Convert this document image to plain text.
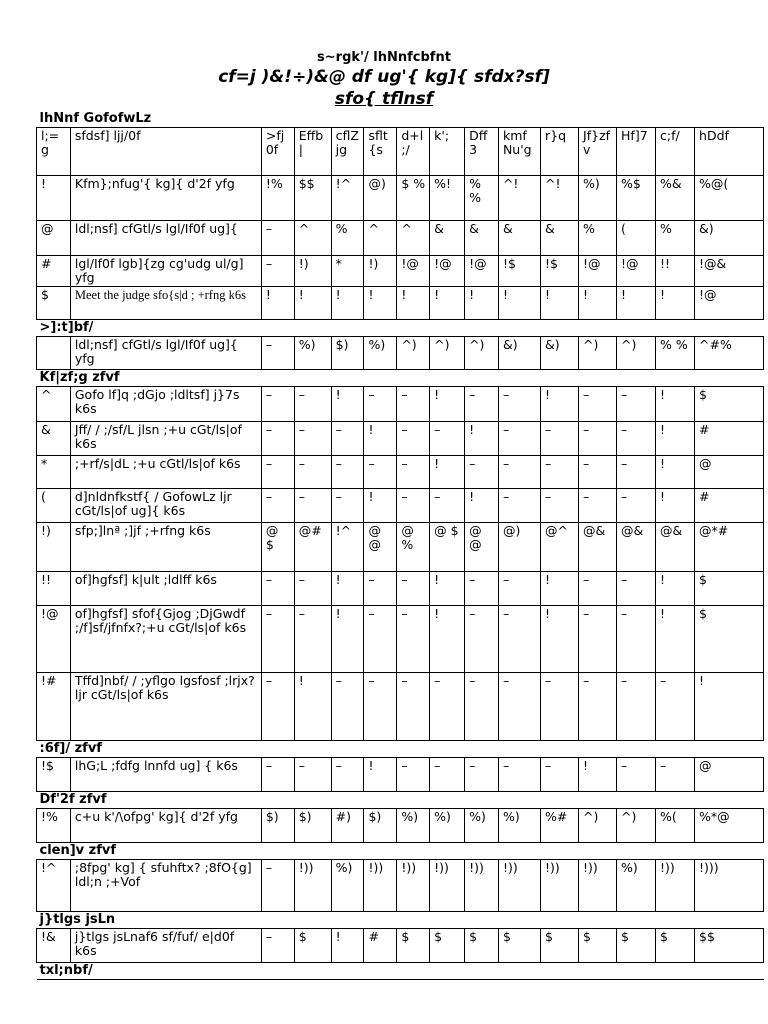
s~rgk'/ lhNnfcbfnt
cf=j )&!÷)&@ df ug'{ kg]{ sfdx?sf]
sfo{ tflnsf
lhNnf GofofwLz														
l;=g	sfdsf] ljj/0f	>fj0f	Effb|	cflZjg	sflt{s	d+l;/	k';	Dff3	kmfNu'g	r}q	Jf}zfv	Hf]7	c;f/	hDdf
!	Kfm};nfug'{ kg]{ d'2f yfg	!%	$$	!^	@)	$ %	%!	% %	^!	^!	%)	%$	%&	%@(
@	ldl;nsf] cfGtl/s lgl/If0f ug]{	–	^	%	^	^	&	&	&	&	%	(	%	&)
#	lgl/If0f lgb]{zg cg'udg ul/g] yfg	–	!)	*	!)	!@	!@	!@	!$	!$	!@	!@	!!	!@&
$	Meet the judge sfo{s|d ; +rfng k6s	!	!	!	!	!	!	!	!	!	!	!	!	!@
>]:t]bf/														
	ldl;nsf] cfGtl/s lgl/If0f ug]{ yfg	–	%)	$)	%)	^)	^)	^)	&)	&)	^)	^)	% %	^#%
Kf|zf;g zfvf														
^	Gofo lf]q ;dGjo ;ldltsf] j}7s k6s	–	–	!	–	–	!	–	–	!	–	–	!	$
&	Jff/ / ;/sf/L jlsn ;+u cGt/ls|of k6s	–	–	–	!	–	–	!	–	–	–	–	!	#
*	;+rf/s|dL ;+u cGtl/ls|of k6s	–	–	–	–	–	!	–	–	–	–	–	!	@
(	d]nldnfkstf{ / GofowLz ljr cGt/ls|of ug]{ k6s	–	–	–	!	–	–	!	–	–	–	–	!	#
!)	sfp;]lnª ;]jf ;+rfng k6s	@ $	@#	!^	@ @	@ %	@ $	@ @	@)	@^	@&	@&	@&	@*#
!!	of]hgfsf] k|ult ;ldlff k6s	–	–	!	–	–	!	–	–	!	–	–	!	$
!@	of]hgfsf] sfof{Gjog ;DjGwdf ;/f]sf/jfnfx?;+u cGt/ls|of k6s	–	–	!	–	–	!	–	–	!	–	–	!	$
!#	Tffd]nbf/ / ;yflgo lgsfosf ;lrjx? ljr cGt/ls|of k6s	–	!	–	–	–	–	–	–	–	–	–	–	!
:6f]/ zfvf														
!$	lhG;L ;fdfg lnnfd ug] { k6s	–	–	–	!	–	–	–	–	–	!	–	–	@
Df'2f zfvf														
!%	c+u k'/\ofpg' kg]{ d'2f yfg	$)	$)	#)	$)	%)	%)	%)	%)	%#	^)	^)	%(	%*@
clen]v zfvf														
!^	;8fpg' kg] { sfuhftx? ;8fO{g] ldl;n ;+Vof	–	!))	%)	!))	!))	!))	!))	!))	!))	!))	%)	!))	!)))
j}tlgs jsLn														
!&	j}tlgs jsLnaf6 sf/fuf/ e|d0f k6s	–	$	!	#	$	$	$	$	$	$	$	$	$$
txl;nbf/														
